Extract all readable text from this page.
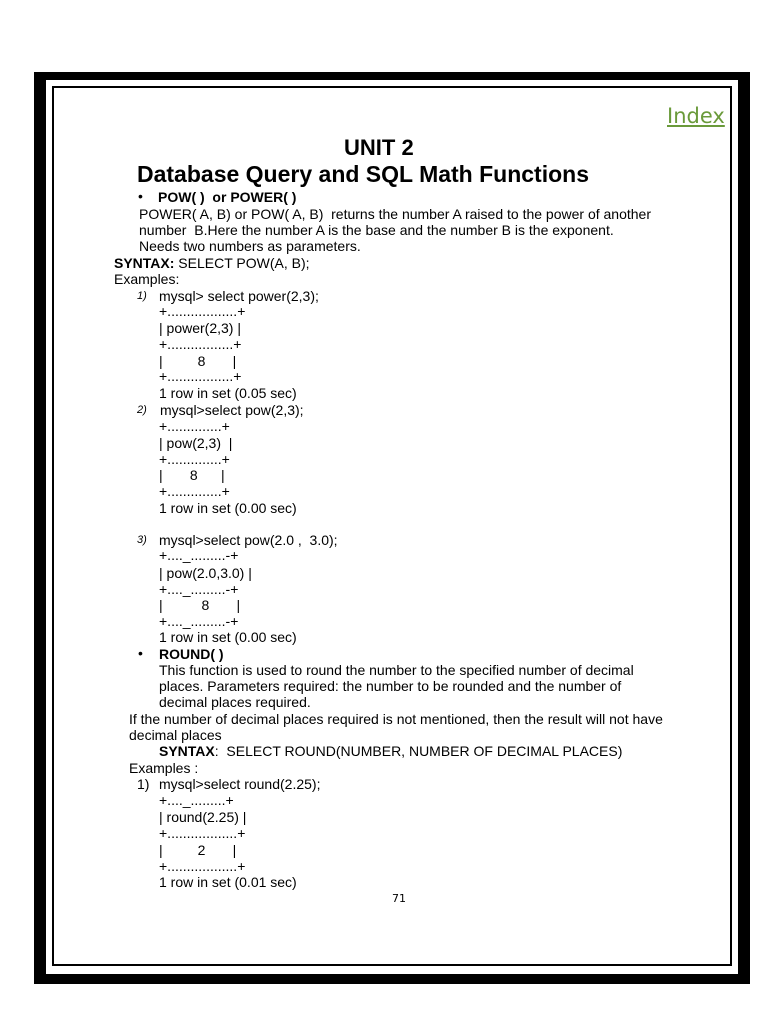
Index
UNIT 2
Database Query and SQL Math Functions
• POW( )  or POWER( )
POWER( A, B) or POW( A, B)  returns the number A raised to the power of another
number  B.Here the number A is the base and the number B is the exponent.
Needs two numbers as parameters.
SYNTAX: SELECT POW(A, B);
Examples:
1) mysql> select power(2,3);
+..................+
| power(2,3) |
+.................+
|         8       |
+.................+
1 row in set (0.05 sec)
2) mysql>select pow(2,3);
+..............+
| pow(2,3)  |
+..............+
|       8      |
+..............+
1 row in set (0.00 sec)
3) mysql>select pow(2.0 ,  3.0);
+...._.........-+
| pow(2.0,3.0) |
+...._.........-+
|          8       |
+...._.........-+
1 row in set (0.00 sec)
• ROUND( )
This function is used to round the number to the specified number of decimal
places. Parameters required: the number to be rounded and the number of
decimal places required.
If the number of decimal places required is not mentioned, then the result will not have
decimal places
SYNTAX:  SELECT ROUND(NUMBER, NUMBER OF DECIMAL PLACES)
Examples :
1) mysql>select round(2.25);
+...._.........+
| round(2.25) |
+..................+
|         2       |
+..................+
1 row in set (0.01 sec)
71
